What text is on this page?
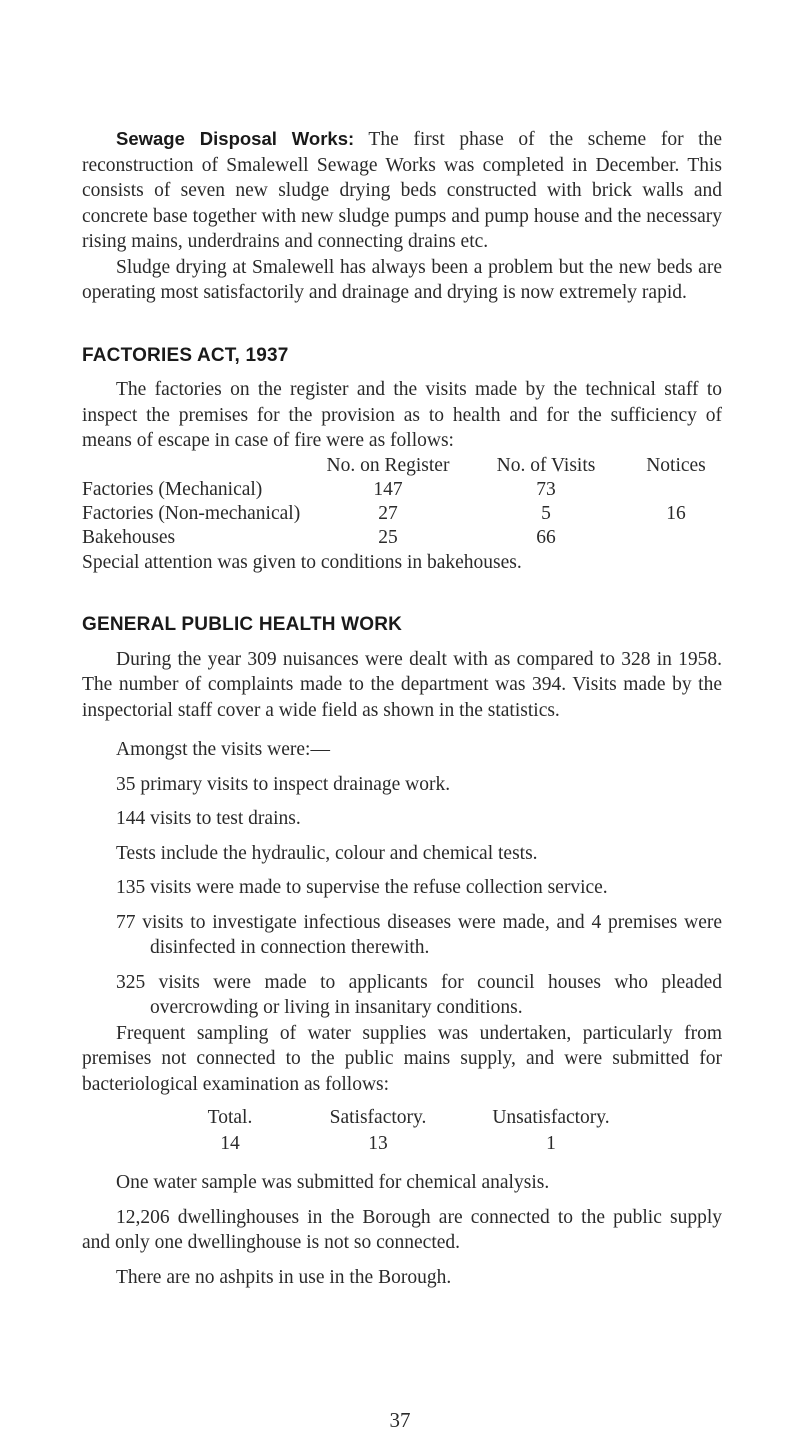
Sewage Disposal Works: The first phase of the scheme for the reconstruction of Smalewell Sewage Works was completed in December. This consists of seven new sludge drying beds constructed with brick walls and concrete base together with new sludge pumps and pump house and the necessary rising mains, underdrains and connecting drains etc.

Sludge drying at Smalewell has always been a problem but the new beds are operating most satisfactorily and drainage and drying is now extremely rapid.

FACTORIES ACT, 1937

The factories on the register and the visits made by the technical staff to inspect the premises for the provision as to health and for the sufficiency of means of escape in case of fire were as follows:

	No. on Register	No. of Visits	Notices
Factories (Mechanical)	147	73	
Factories (Non-mechanical)	27	5	16
Bakehouses	25	66	

Special attention was given to conditions in bakehouses.

GENERAL PUBLIC HEALTH WORK

During the year 309 nuisances were dealt with as compared to 328 in 1958. The number of complaints made to the department was 394. Visits made by the inspectorial staff cover a wide field as shown in the statistics.

Amongst the visits were:—

35 primary visits to inspect drainage work.

144 visits to test drains.

Tests include the hydraulic, colour and chemical tests.

135 visits were made to supervise the refuse collection service.

77 visits to investigate infectious diseases were made, and 4 premises were disinfected in connection therewith.

325 visits were made to applicants for council houses who pleaded overcrowding or living in insanitary conditions.

Frequent sampling of water supplies was undertaken, particularly from premises not connected to the public mains supply, and were submitted for bacteriological examination as follows:

Total.	Satisfactory.	Unsatisfactory.
14	13	1

One water sample was submitted for chemical analysis.

12,206 dwellinghouses in the Borough are connected to the public supply and only one dwellinghouse is not so connected.

There are no ashpits in use in the Borough.

37
